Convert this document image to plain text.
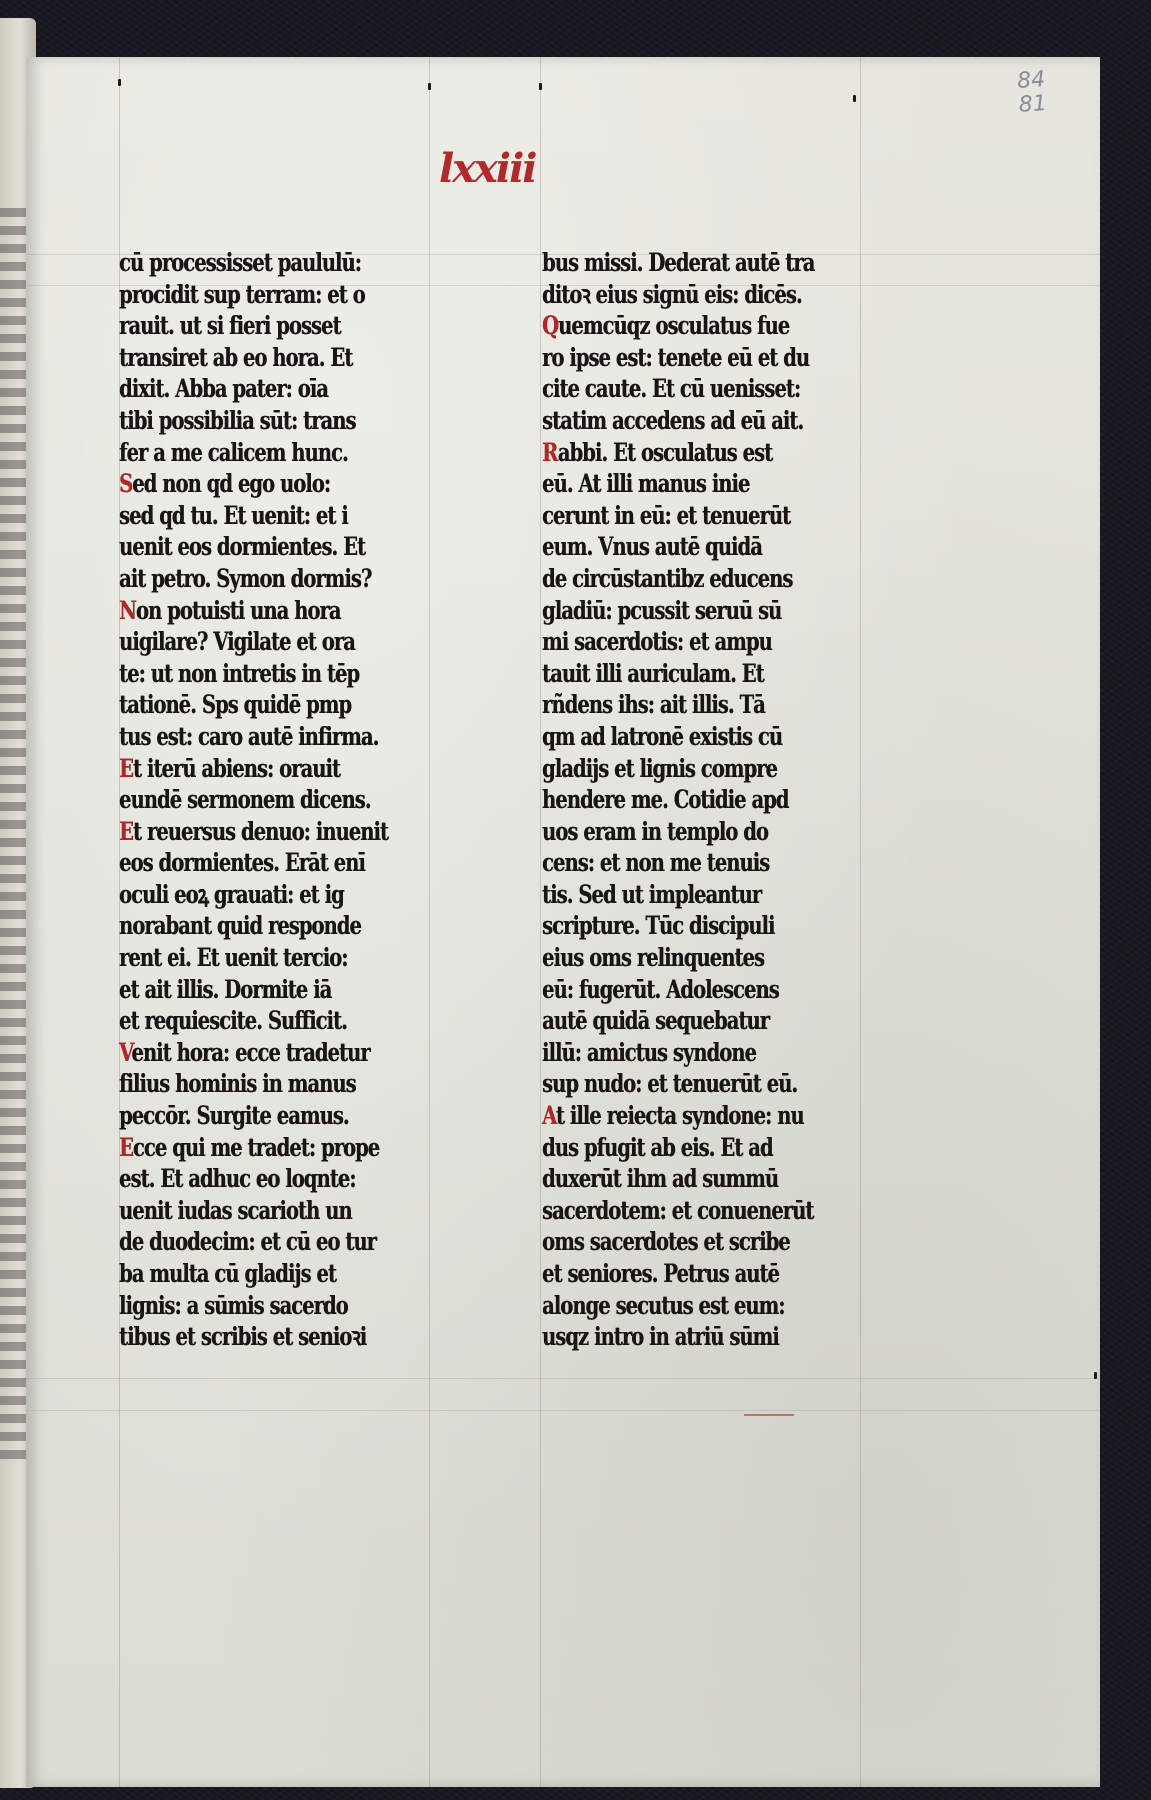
84
81
lxxiii
cū processisset paululū:
procidit sup terram: et o
rauit. ut si fieri posset
transiret ab eo hora. Et
dixit. Abba pater: oīa
tibi possibilia sūt: trans
fer a me calicem hunc.
Sed non qd ego uolo:
sed qd tu. Et uenit: et i
uenit eos dormientes. Et
ait petro. Symon dormis?
Non potuisti una hora
uigilare? Vigilate et ora
te: ut non intretis in tēp
tationē. Sps quidē pmp
tus est: caro autē infirma.
Et iterū abiens: orauit
eundē sermonem dicens.
Et reuersus denuo: inuenit
eos dormientes. Erāt enī
oculi eoꝝ grauati: et ig
norabant quid responde
rent ei. Et uenit tercio:
et ait illis. Dormite iā
et requiescite. Sufficit.
Venit hora: ecce tradetur
filius hominis in manus
peccōr. Surgite eamus.
Ecce qui me tradet: prope
est. Et adhuc eo loqnte:
uenit iudas scarioth un
de duodecim: et cū eo tur
ba multa cū gladijs et
lignis: a sūmis sacerdo
tibus et scribis et senioꝛi
bus missi. Dederat autē tra
ditoꝛ eius signū eis: dicēs.
Quemcūqz osculatus fue
ro ipse est: tenete eū et du
cite caute. Et cū uenisset:
statim accedens ad eū ait.
Rabbi. Et osculatus est
eū. At illi manus inie
cerunt in eū: et tenuerūt
eum. Vnus autē quidā
de circūstantibz educens
gladiū: pcussit seruū sū
mi sacerdotis: et ampu
tauit illi auriculam. Et
rñdens ihs: ait illis. Tā
qm ad latronē existis cū
gladijs et lignis compre
hendere me. Cotidie apd
uos eram in templo do
cens: et non me tenuis
tis. Sed ut impleantur
scripture. Tūc discipuli
eius oms relinquentes
eū: fugerūt. Adolescens
autē quidā sequebatur
illū: amictus syndone
sup nudo: et tenuerūt eū.
At ille reiecta syndone: nu
dus pfugit ab eis. Et ad
duxerūt ihm ad summū
sacerdotem: et conuenerūt
oms sacerdotes et scribe
et seniores. Petrus autē
alonge secutus est eum:
usqz intro in atriū sūmi
